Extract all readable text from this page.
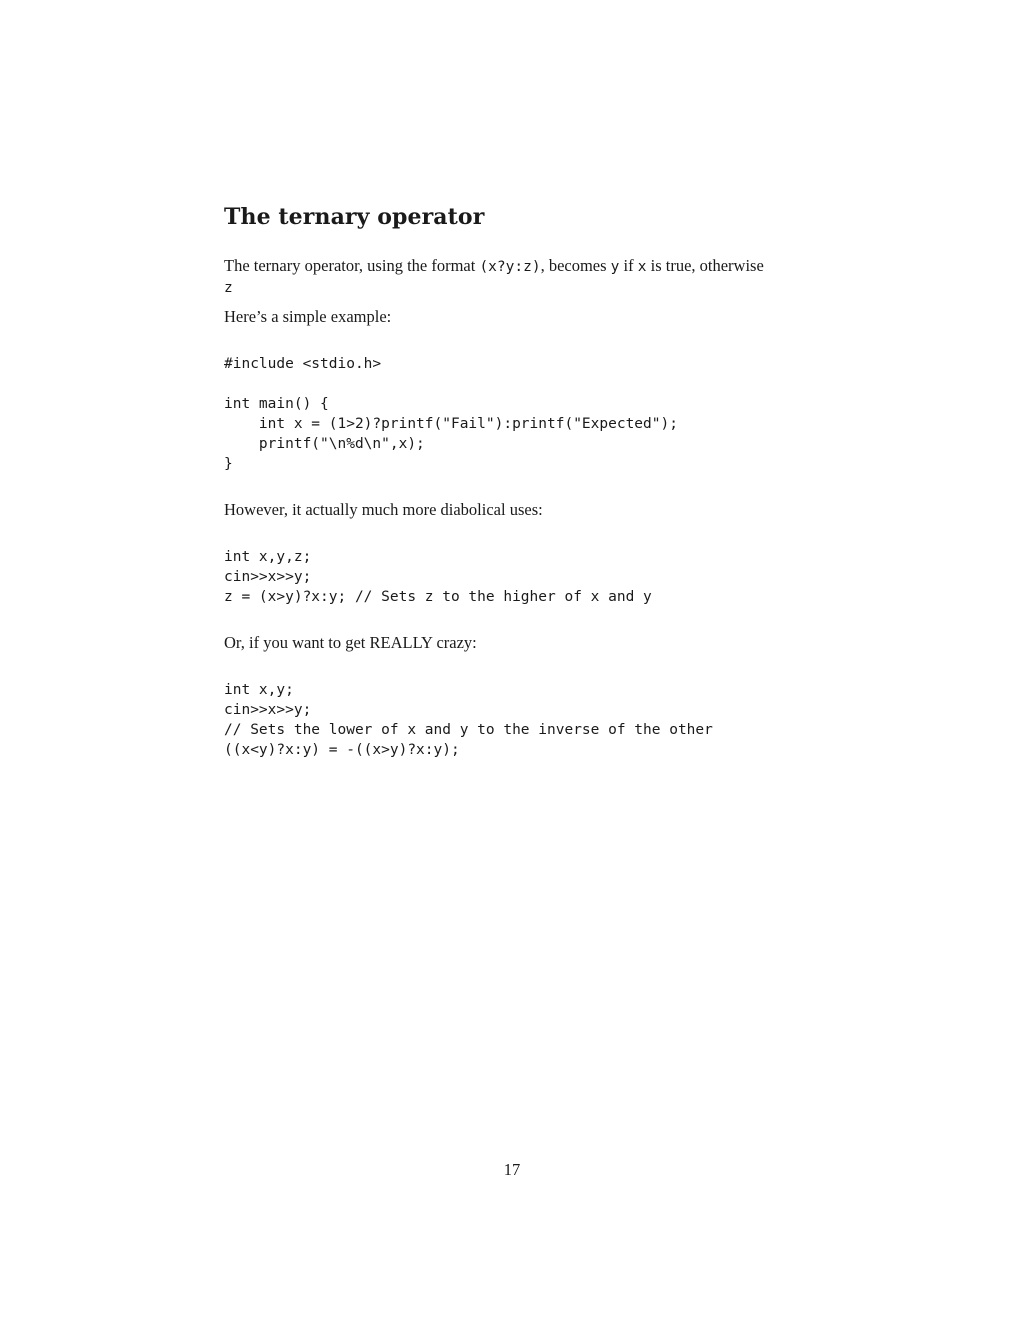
The ternary operator

The ternary operator, using the format (x?y:z), becomes y if x is true, otherwise
z

Here’s a simple example:

#include <stdio.h>
int main() {
int x = (1>2)?printf("Fail"):printf("Expected");
printf("\n%d\n",x);
}

However, it actually much more diabolical uses:

int x,y,z;
cin>>x>>y;
z = (x>y)?x:y; // Sets z to the higher of x and y

Or, if you want to get REALLY crazy:

int x,y;
cin>>x>>y;
// Sets the lower of x and y to the inverse of the other
((x<y)?x:y) = -((x>y)?x:y);
17
